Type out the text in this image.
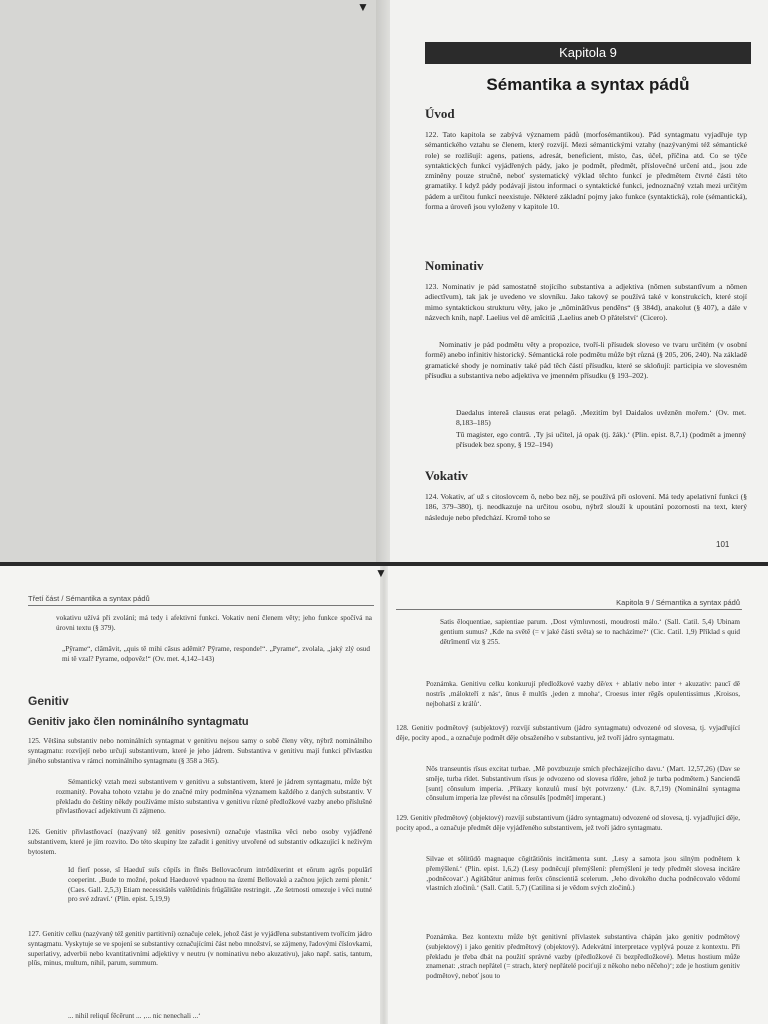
▼
Kapitola 9
Sémantika a syntax pádů
Úvod
122. Tato kapitola se zabývá významem pádů (morfosémantikou). Pád syntagmatu vyjadřuje typ sémantického vztahu se členem, který rozvíjí. Mezi sémantickými vztahy (nazývanými též sémantické role) se rozlišují: agens, patiens, adresát, beneficient, místo, čas, účel, příčina atd. Co se týče syntaktických funkcí vyjádřených pády, jako je podmět, předmět, příslovečné určení atd., jsou zde zmíněny pouze stručně, neboť systematický výklad těchto funkcí je předmětem čtvrté části této gramatiky. I když pády podávají jistou informaci o syntaktické funkci, jednoznačný vztah mezi určitým pádem a určitou funkcí neexistuje. Některé základní pojmy jako funkce (syntaktická), role (sémantická), forma a úroveň jsou vyloženy v kapitole 10.
Nominativ
123. Nominativ je pád samostatně stojícího substantiva a adjektiva (nōmen substantīvum a nōmen adiectīvum), tak jak je uvedeno ve slovníku. Jako takový se používá také v konstrukcích, které stojí mimo syntaktickou strukturu věty, jako je „nōminātīvus pendēns“ (§ 384d), anakolut (§ 407), a dále v názvech knih, např. Laelius vel dē amīcitiā ‚Laelius aneb O přátelství‘ (Cicero).
Nominativ je pád podmětu věty a propozice, tvoří-li přísudek sloveso ve tvaru určitém (v osobní formě) anebo infinitiv historický. Sémantická role podmětu může být různá (§ 205, 206, 240). Na základě gramatické shody je nominativ také pád těch částí přísudku, které se skloňují: participia ve slovesném přísudku a substantiva nebo adjektiva ve jmenném přísudku (§ 193–202).
Daedalus intereā clausus erat pelagō. ‚Mezitím byl Daidalos uvězněn mořem.‘ (Ov. met. 8,183–185)
Tū magister, ego contrā. ‚Ty jsi učitel, já opak (tj. žák).‘ (Plin. epist. 8,7,1) (podmět a jmenný přísudek bez spony, § 192–194)
Vokativ
124. Vokativ, ať už s citoslovcem ō, nebo bez něj, se používá při oslovení. Má tedy apelativní funkci (§ 186, 379–380), tj. neodkazuje na určitou osobu, nýbrž slouží k upoutání pozornosti na text, který následuje nebo předchází. Kromě toho se
101
▼
Třetí část / Sémantika a syntax pádů	Kapitola 9 / Sémantika a syntax pádů
vokativu užívá při zvolání; má tedy i afektivní funkci. Vokativ není členem věty; jeho funkce spočívá na úrovni textu (§ 379).
„Pȳrame“, clāmāvit, „quis tē mihi cāsus adēmit? Pȳrame, responde!“. „Pyrame“, zvolala, „jaký zlý osud mi tě vzal? Pyrame, odpověz!“ (Ov. met. 4,142–143)
Genitiv
Genitiv jako člen nominálního syntagmatu
125. Většina substantiv nebo nominálních syntagmat v genitivu nejsou samy o sobě členy věty, nýbrž nominálního syntagmatu: rozvíjejí nebo určují substantivum, které je jeho jádrem. Substantiva v genitivu mají funkci přívlastku jiného substantiva v rámci nominálního syntagmatu (§ 358 a 365).
Sémantický vztah mezi substantivem v genitivu a substantivem, které je jádrem syntagmatu, může být rozmanitý. Povaha tohoto vztahu je do značné míry podmíněna významem každého z daných substantiv. V překladu do češtiny někdy používáme místo substantiva v genitivu různé předložkové vazby anebo příslušné přivlastňovací adjektivum či zájmeno.
126. Genitiv přivlastňovací (nazývaný též genitiv posesivní) označuje vlastníka věci nebo osoby vyjádřené substantivem, které je jím rozvito. Do této skupiny lze zařadit i genitivy utvořené od substantiv odkazující k neživým bytostem.
Id fierī posse, sī Haeduī suīs cōpiīs in fīnēs Bellovacōrum intrōdūxerint et eōrum agrōs populārī coeperint. ‚Bude to možné, pokud Haeduové vpadnou na území Bellovaků a začnou jejich zemi plenit.‘ (Caes. Gall. 2,5,3) Etiam necessitātēs valētūdinis frūgālitāte restringit. ‚Ze šetrnosti omezuje i věci nutné pro své zdraví.‘ (Plin. epist. 5,19,9)
127. Genitiv celku (nazývaný též genitiv partitivní) označuje celek, jehož část je vyjádřena substantivem tvořícím jádro syntagmatu. Vyskytuje se ve spojení se substantivy označujícími část nebo množství, se zájmeny, řadovými číslovkami, superlativy, adverbii nebo kvantitativními adjektivy v neutru (v nominativu nebo akuzativu), jako např. satis, tantum, plūs, minus, multum, nihil, parum, summum.
... nihil reliquī fēcērunt ... ‚... nic nenechali ...‘
Satis ēloquentiae, sapientiae parum. ‚Dost výmluvnosti, moudrosti málo.‘ (Sall. Catil. 5,4) Ubinam gentium sumus? ‚Kde na světě (= v jaké části světa) se to nacházíme?‘ (Cic. Catil. 1,9) Příklad s quid dētrīmentī viz § 255.
Poznámka. Genitivu celku konkurují předložkové vazby dē/ex + ablativ nebo inter + akuzativ: paucī dē nostrīs ‚málokteří z nás‘, ūnus ē multīs ‚jeden z mnoha‘, Croesus inter rēgēs opulentissimus ‚Kroisos, nejbohatší z králů‘.
128. Genitiv podmětový (subjektový) rozvíjí substantivum (jádro syntagmatu) odvozené od slovesa, tj. vyjadřující děje, pocity apod., a označuje podmět děje obsaženého v substantivu, jež tvoří jádro syntagmatu.
Nōs transeuntis rīsus excitat turbae. ‚Mě povzbuzuje smích přecházejícího davu.‘ (Mart. 12,57,26) (Dav se směje, turba rīdet. Substantivum rīsus je odvozeno od slovesa rīdēre, jehož je turba podmětem.) Sanciendā [sunt] cōnsulum imperia. ‚Příkazy konzulů musí být potvrzeny.‘ (Liv. 8,7,19) (Nominální syntagma cōnsulum imperia lze převést na cōnsulēs [podmět] imperant.)
129. Genitiv předmětový (objektový) rozvíjí substantivum (jádro syntagmatu) odvozené od slovesa, tj. vyjadřující děje, pocity apod., a označuje předmět děje vyjádřeného substantivem, jež tvoří jádro syntagmatu.
Silvae et sōlitūdō magnaque cōgitātiōnis incitāmenta sunt. ‚Lesy a samota jsou silným podnětem k přemýšlení.‘ (Plin. epist. 1,6,2) (Lesy podněcují přemýšlení: přemýšlení je tedy předmět slovesa incitāre ‚podněcovat‘.) Agitābātur animus ferōx cōnscientiā scelerum. ‚Jeho divokého ducha podněcovalo vědomí vlastních zločinů.‘ (Sall. Catil. 5,7) (Catilina si je vědom svých zločinů.)
Poznámka. Bez kontextu může být genitivní přívlastek substantiva chápán jako genitiv podmětový (subjektový) i jako genitiv předmětový (objektový). Adekvátní interpretace vyplývá pouze z kontextu. Při překladu je třeba dbát na použití správné vazby (předložkové či bezpředložkové). Metus hostium může znamenat: ‚strach nepřátel (= strach, který nepřátelé pociťují z někoho nebo něčeho)‘; zde je hostium genitiv podmětový, neboť jsou to
